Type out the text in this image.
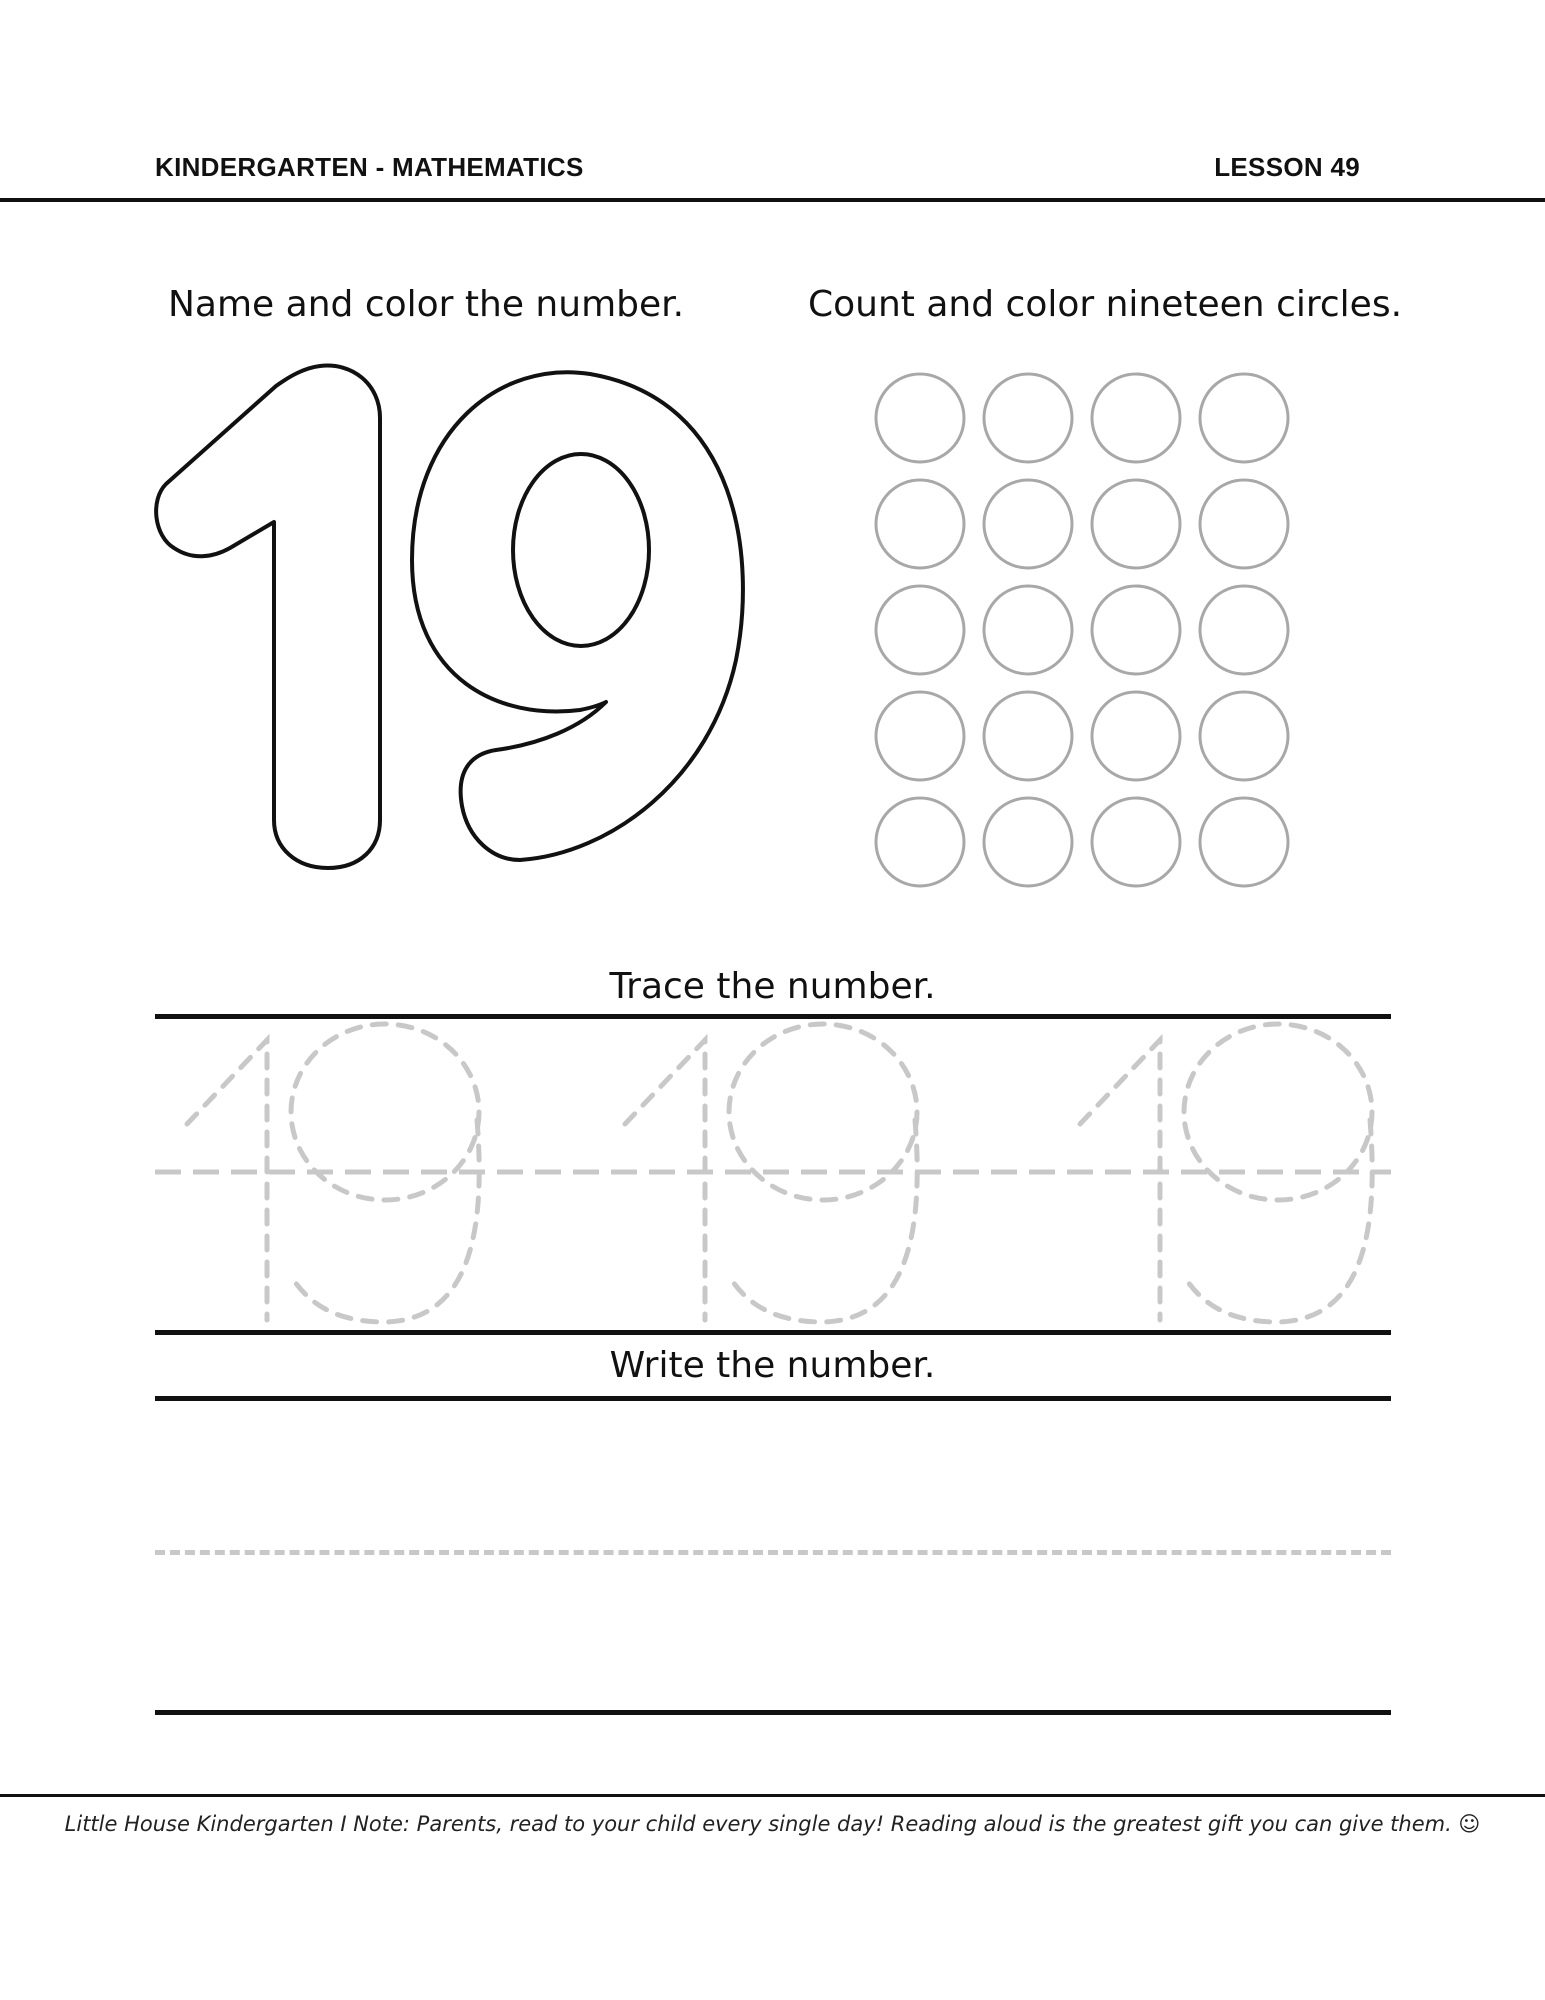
KINDERGARTEN - MATHEMATICS	LESSON 49
Name and color the number.	Count and color nineteen circles.
Trace the number.
Write the number.
Little House Kindergarten I Note: Parents, read to your child every single day! Reading aloud is the greatest gift you can give them. ☺
